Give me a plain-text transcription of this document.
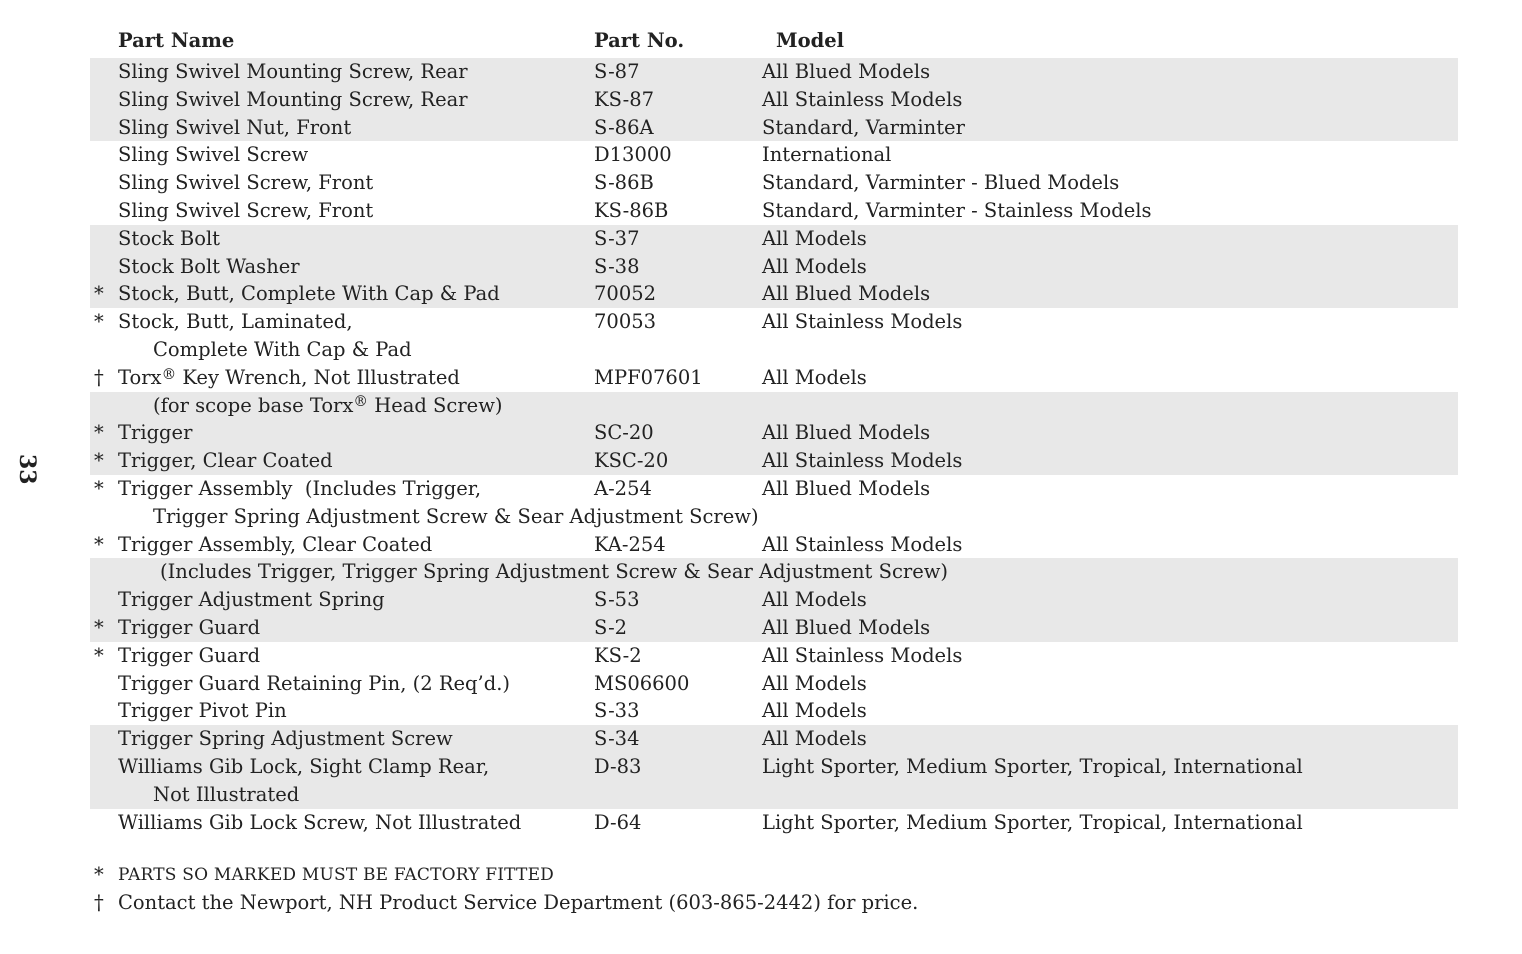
33
Part Name	Part No.	Model
Sling Swivel Mounting Screw, Rear	S-87	All Blued Models
Sling Swivel Mounting Screw, Rear	KS-87	All Stainless Models
Sling Swivel Nut, Front	S-86A	Standard, Varminter
Sling Swivel Screw	D13000	International
Sling Swivel Screw, Front	S-86B	Standard, Varminter - Blued Models
Sling Swivel Screw, Front	KS-86B	Standard, Varminter - Stainless Models
Stock Bolt	S-37	All Models
Stock Bolt Washer	S-38	All Models
* Stock, Butt, Complete With Cap & Pad	70052	All Blued Models
* Stock, Butt, Laminated,	70053	All Stainless Models
Complete With Cap & Pad
† Torx® Key Wrench, Not Illustrated	MPF07601	All Models
(for scope base Torx® Head Screw)
* Trigger	SC-20	All Blued Models
* Trigger, Clear Coated	KSC-20	All Stainless Models
* Trigger Assembly  (Includes Trigger,	A-254	All Blued Models
Trigger Spring Adjustment Screw & Sear Adjustment Screw)
* Trigger Assembly, Clear Coated	KA-254	All Stainless Models
(Includes Trigger, Trigger Spring Adjustment Screw & Sear Adjustment Screw)
Trigger Adjustment Spring	S-53	All Models
* Trigger Guard	S-2	All Blued Models
* Trigger Guard	KS-2	All Stainless Models
Trigger Guard Retaining Pin, (2 Req’d.)	MS06600	All Models
Trigger Pivot Pin	S-33	All Models
Trigger Spring Adjustment Screw	S-34	All Models
Williams Gib Lock, Sight Clamp Rear,	D-83	Light Sporter, Medium Sporter, Tropical, International
Not Illustrated
Williams Gib Lock Screw, Not Illustrated	D-64	Light Sporter, Medium Sporter, Tropical, International
* PARTS SO MARKED MUST BE FACTORY FITTED
† Contact the Newport, NH Product Service Department (603-865-2442) for price.
